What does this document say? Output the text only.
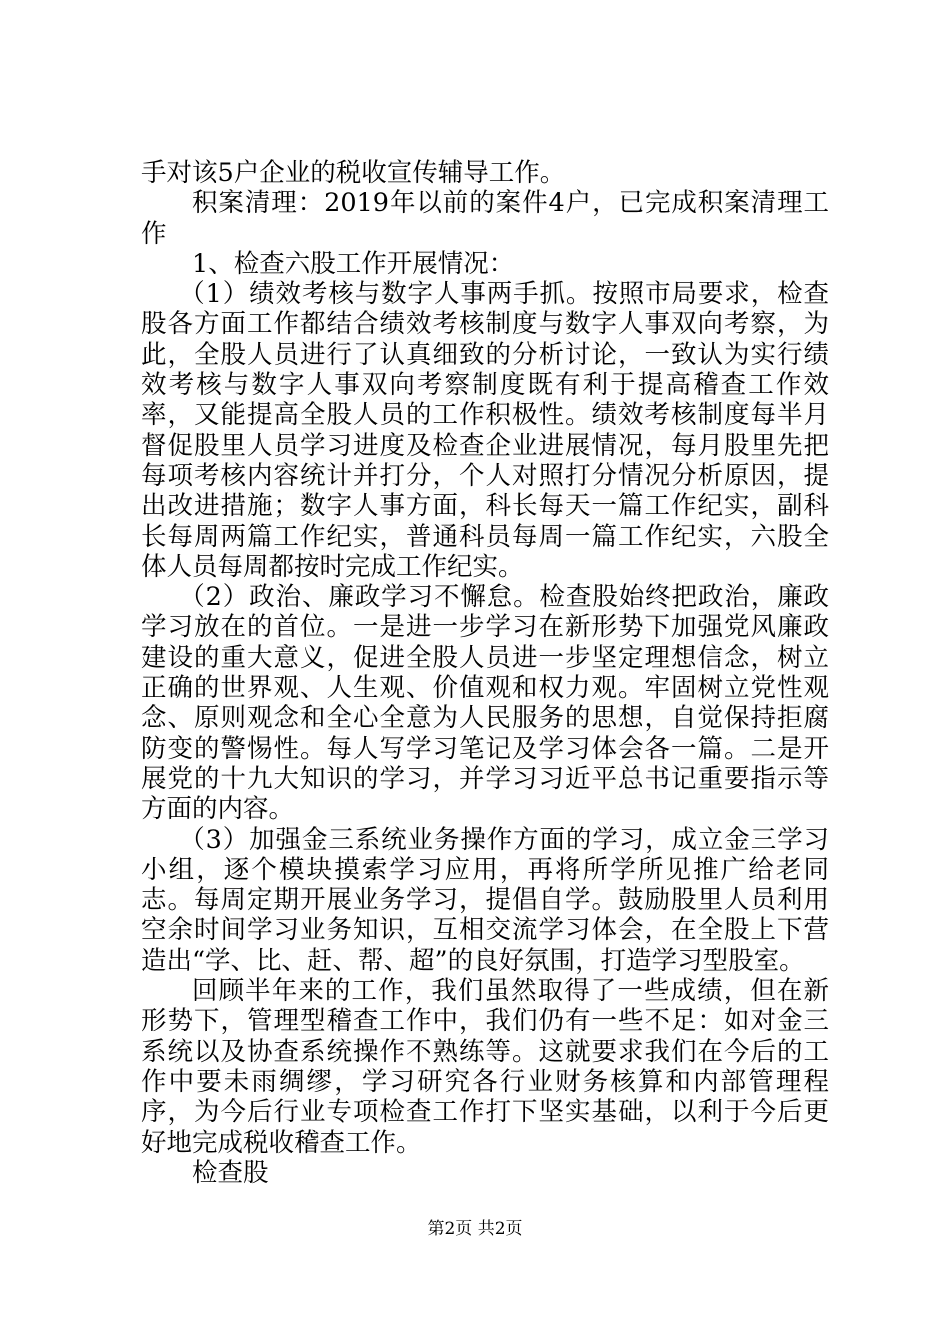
手对该5户企业的税收宣传辅导工作。

积案清理：2019年以前的案件4户，已完成积案清理工作

1、检查六股工作开展情况：

（1）绩效考核与数字人事两手抓。按照市局要求，检查股各方面工作都结合绩效考核制度与数字人事双向考察，为此，全股人员进行了认真细致的分析讨论，一致认为实行绩效考核与数字人事双向考察制度既有利于提高稽查工作效率，又能提高全股人员的工作积极性。绩效考核制度每半月督促股里人员学习进度及检查企业进展情况，每月股里先把每项考核内容统计并打分，个人对照打分情况分析原因，提出改进措施；数字人事方面，科长每天一篇工作纪实，副科长每周两篇工作纪实，普通科员每周一篇工作纪实，六股全体人员每周都按时完成工作纪实。

（2）政治、廉政学习不懈怠。检查股始终把政治，廉政学习放在的首位。一是进一步学习在新形势下加强党风廉政建设的重大意义，促进全股人员进一步坚定理想信念，树立正确的世界观、人生观、价值观和权力观。牢固树立党性观念、原则观念和全心全意为人民服务的思想，自觉保持拒腐防变的警惕性。每人写学习笔记及学习体会各一篇。二是开展党的十九大知识的学习，并学习习近平总书记重要指示等方面的内容。

（3）加强金三系统业务操作方面的学习，成立金三学习小组，逐个模块摸索学习应用，再将所学所见推广给老同志。每周定期开展业务学习，提倡自学。鼓励股里人员利用空余时间学习业务知识，互相交流学习体会，在全股上下营造出“学、比、赶、帮、超”的良好氛围，打造学习型股室。

回顾半年来的工作，我们虽然取得了一些成绩，但在新形势下，管理型稽查工作中，我们仍有一些不足：如对金三系统以及协查系统操作不熟练等。这就要求我们在今后的工作中要未雨绸缪，学习研究各行业财务核算和内部管理程序，为今后行业专项检查工作打下坚实基础，以利于今后更好地完成税收稽查工作。

检查股

第2页 共2页
